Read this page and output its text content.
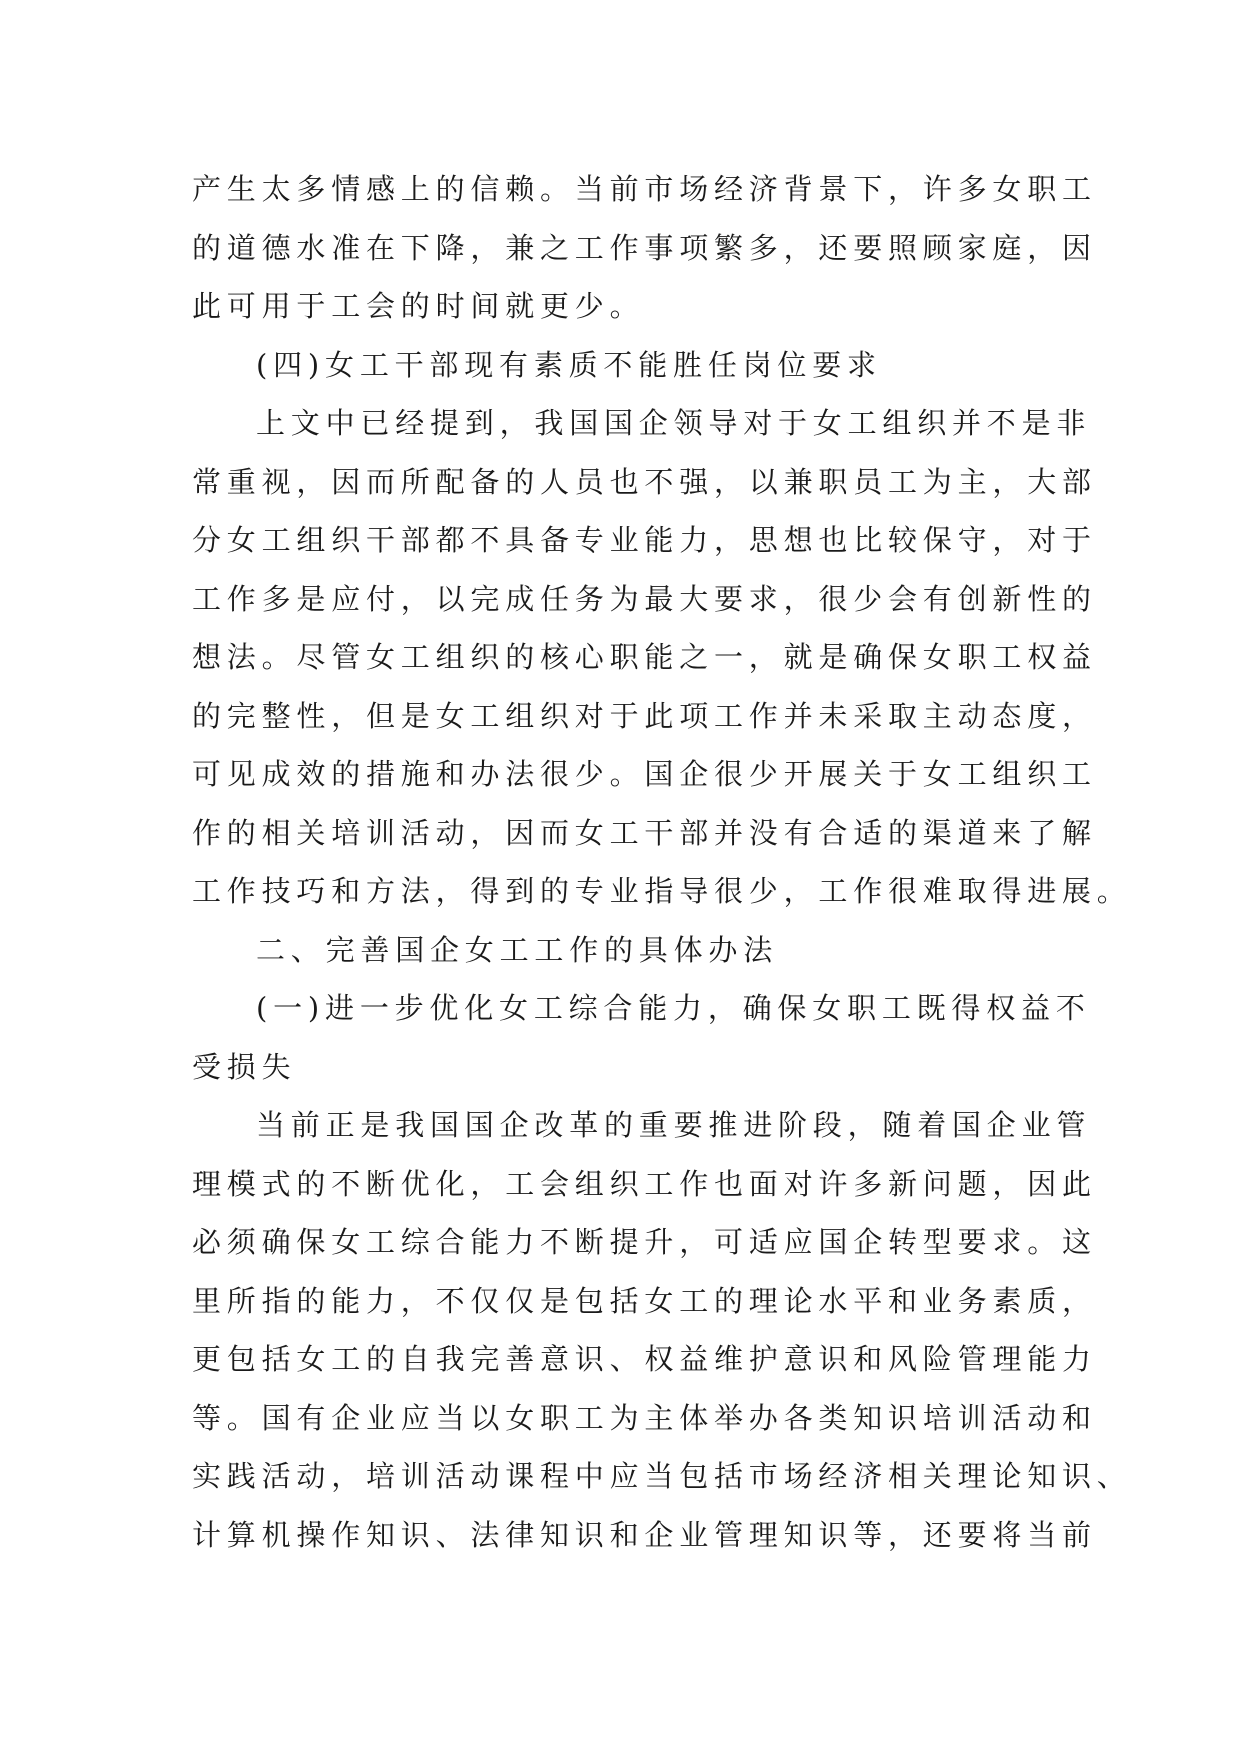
产生太多情感上的信赖。当前市场经济背景下，许多女职工
的道德水准在下降，兼之工作事项繁多，还要照顾家庭，因
此可用于工会的时间就更少。
(四)女工干部现有素质不能胜任岗位要求
上文中已经提到，我国国企领导对于女工组织并不是非
常重视，因而所配备的人员也不强，以兼职员工为主，大部
分女工组织干部都不具备专业能力，思想也比较保守，对于
工作多是应付，以完成任务为最大要求，很少会有创新性的
想法。尽管女工组织的核心职能之一，就是确保女职工权益
的完整性，但是女工组织对于此项工作并未采取主动态度，
可见成效的措施和办法很少。国企很少开展关于女工组织工
作的相关培训活动，因而女工干部并没有合适的渠道来了解
工作技巧和方法，得到的专业指导很少，工作很难取得进展。
二、完善国企女工工作的具体办法
(一)进一步优化女工综合能力，确保女职工既得权益不
受损失
当前正是我国国企改革的重要推进阶段，随着国企业管
理模式的不断优化，工会组织工作也面对许多新问题，因此
必须确保女工综合能力不断提升，可适应国企转型要求。这
里所指的能力，不仅仅是包括女工的理论水平和业务素质，
更包括女工的自我完善意识、权益维护意识和风险管理能力
等。国有企业应当以女职工为主体举办各类知识培训活动和
实践活动，培训活动课程中应当包括市场经济相关理论知识、
计算机操作知识、法律知识和企业管理知识等，还要将当前
